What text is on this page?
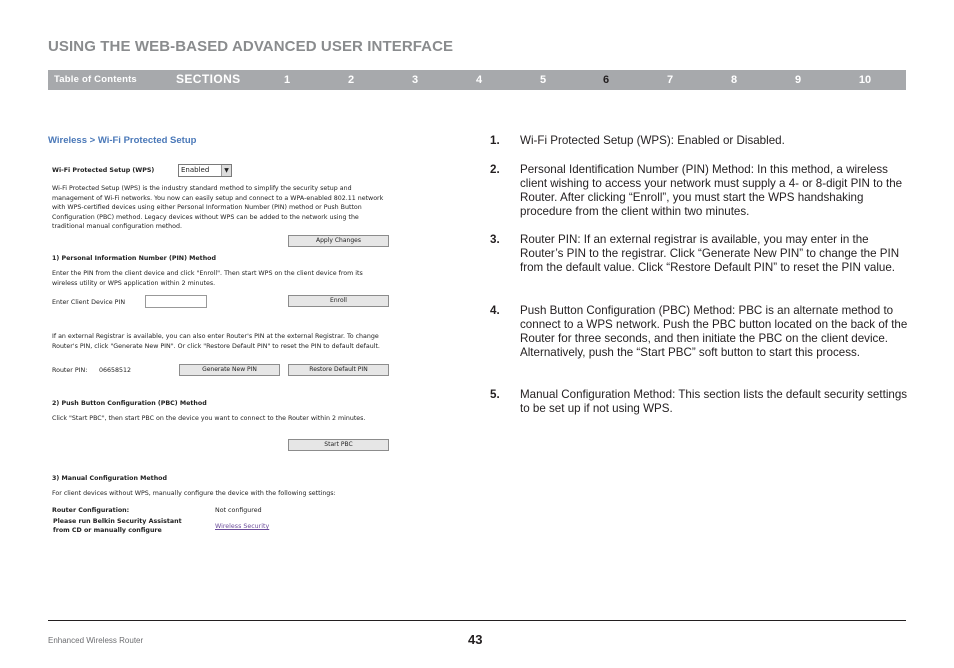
USING THE WEB-BASED ADVANCED USER INTERFACE
Table of Contents	SECTIONS	1	2	3	4	5	6	7	8	9	10
Wireless > Wi-Fi Protected Setup
Wi-Fi Protected Setup (WPS)	Enabled	▼

Wi-Fi Protected Setup (WPS) is the industry standard method to simplify the security setup and management of Wi-Fi networks. You now can easily setup and connect to a WPA-enabled 802.11 network with WPS-certified devices using either Personal Information Number (PIN) method or Push Button Configuration (PBC) method. Legacy devices without WPS can be added to the network using the traditional manual configuration method.

Apply Changes
1) Personal Information Number (PIN) Method

Enter the PIN from the client device and click "Enroll". Then start WPS on the client device from its wireless utility or WPS application within 2 minutes.

Enter Client Device PIN	Enroll

If an external Registrar is available, you can also enter Router's PIN at the external Registrar. To change Router's PIN, click "Generate New PIN". Or click "Restore Default PIN" to reset the PIN to default default.

Router PIN: 06658512	Generate New PIN	Restore Default PIN
2) Push Button Configuration (PBC) Method

Click "Start PBC", then start PBC on the device you want to connect to the Router within 2 minutes.

Start PBC
3) Manual Configuration Method
For client devices without WPS, manually configure the device with the following settings:
Router Configuration:	Not configured
Please run Belkin Security Assistant
from CD or manually configure
Wireless Security
1. Wi-Fi Protected Setup (WPS): Enabled or Disabled.
2. Personal Identification Number (PIN) Method: In this method, a wireless client wishing to access your network must supply a 4- or 8-digit PIN to the Router. After clicking “Enroll”, you must start the WPS handshaking procedure from the client within two minutes.
3. Router PIN: If an external registrar is available, you may enter in the Router’s PIN to the registrar. Click “Generate New PIN” to change the PIN from the default value. Click “Restore Default PIN” to reset the PIN value.
4. Push Button Configuration (PBC) Method: PBC is an alternate method to connect to a WPS network. Push the PBC button located on the back of the Router for three seconds, and then initiate the PBC on the client device. Alternatively, push the “Start PBC” soft button to start this process.
5. Manual Configuration Method: This section lists the default security settings to be set up if not using WPS.
Enhanced Wireless Router	43
